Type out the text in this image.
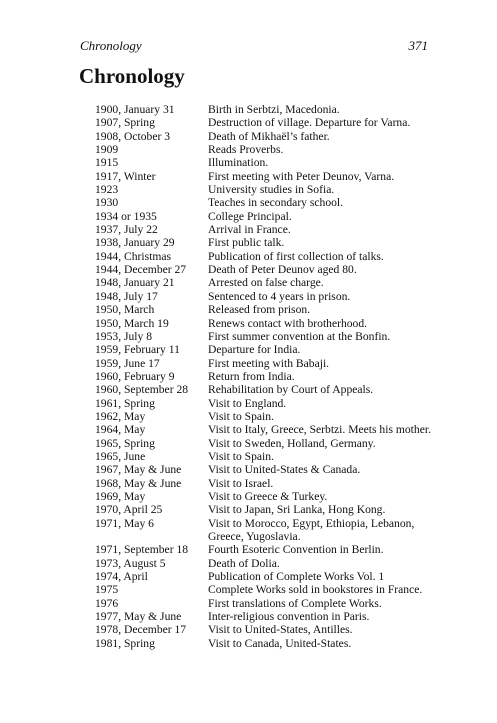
Chronology	371
Chronology
1900, January 31	Birth in Serbtzi, Macedonia.
1907, Spring	Destruction of village. Departure for Varna.
1908, October 3	Death of Mikhaël’s father.
1909	Reads Proverbs.
1915	Illumination.
1917, Winter	First meeting with Peter Deunov, Varna.
1923	University studies in Sofia.
1930	Teaches in secondary school.
1934 or 1935	College Principal.
1937, July 22	Arrival in France.
1938, January 29	First public talk.
1944, Christmas	Publication of first collection of talks.
1944, December 27	Death of Peter Deunov aged 80.
1948, January 21	Arrested on false charge.
1948, July 17	Sentenced to 4 years in prison.
1950, March	Released from prison.
1950, March 19	Renews contact with brotherhood.
1953, July 8	First summer convention at the Bonfin.
1959, February 11	Departure for India.
1959, June 17	First meeting with Babaji.
1960, February 9	Return from India.
1960, September 28	Rehabilitation by Court of Appeals.
1961, Spring	Visit to England.
1962, May	Visit to Spain.
1964, May	Visit to Italy, Greece, Serbtzi. Meets his mother.
1965, Spring	Visit to Sweden, Holland, Germany.
1965, June	Visit to Spain.
1967, May & June	Visit to United-States & Canada.
1968, May & June	Visit to Israel.
1969, May	Visit to Greece & Turkey.
1970, April 25	Visit to Japan, Sri Lanka, Hong Kong.
1971, May 6	Visit to Morocco, Egypt, Ethiopia, Lebanon,
Greece, Yugoslavia.
1971, September 18	Fourth Esoteric Convention in Berlin.
1973, August 5	Death of Dolia.
1974, April	Publication of Complete Works Vol. 1
1975	Complete Works sold in bookstores in France.
1976	First translations of Complete Works.
1977, May & June	Inter-religious convention in Paris.
1978, December 17	Visit to United-States, Antilles.
1981, Spring	Visit to Canada, United-States.
